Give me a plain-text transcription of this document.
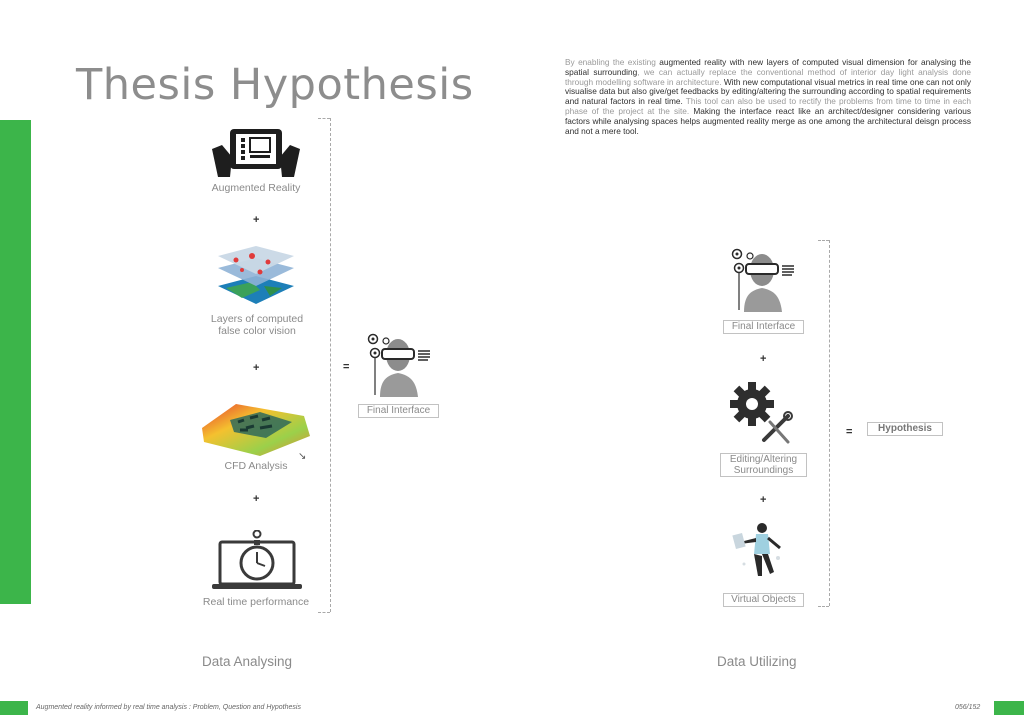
Thesis Hypothesis	By enabling the existing augmented reality with new layers of computed visual dimension for analysing the spatial surrounding, we can actually replace the conventional method of interior day light analysis done through modelling software in architecture. With new computational visual metrics in real time one can not only visualise data but also give/get feedbacks by editing/altering the surrounding according to spatial requirements and natural factors in real time. This tool can also be used to rectify the problems from time to time in each phase of the project at the site. Making the interface react like an architect/designer considering various factors while analysing spaces helps augmented reality merge as one among the architectural deisgn process and not a mere tool.
Augmented Reality
+
Layers of computed false color vision
+
↘
CFD Analysis
+
Real time performance
=
Final Interface
Data Analysing
Final Interface
+
Editing/Altering Surroundings
+
Virtual Objects
=	Hypothesis
Data Utilizing
Augmented reality informed by real time analysis : Problem, Question and Hypothesis	056/152
